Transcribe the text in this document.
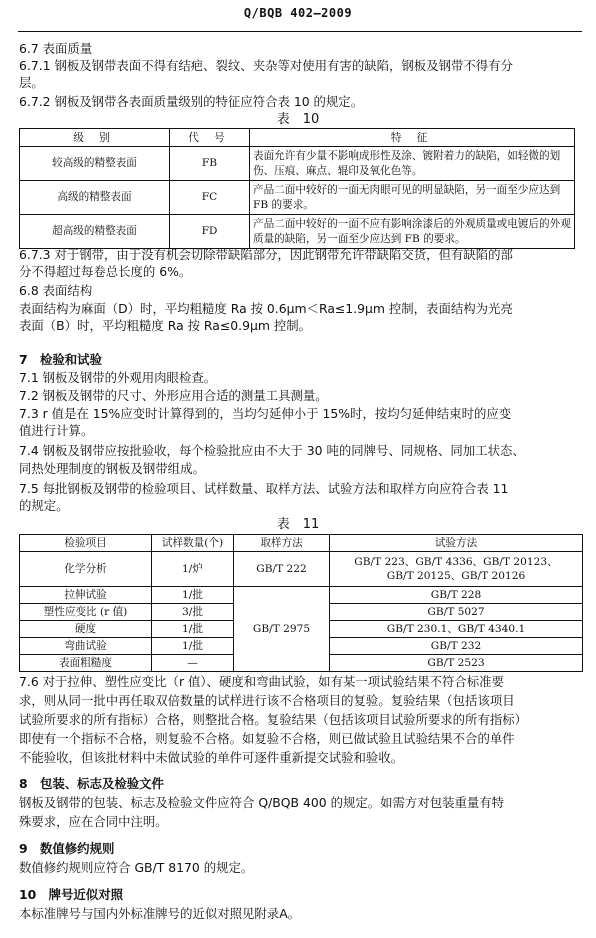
Q/BQB 402—2009
6.7 表面质量
6.7.1 钢板及钢带表面不得有结疤、裂纹、夹杂等对使用有害的缺陷，钢板及钢带不得有分
层。
6.7.2 钢板及钢带各表面质量级别的特征应符合表 10 的规定。
表　10
级 别	代 号	特 征
较高级的精整表面	FB	表面允许有少量不影响成形性及涂、镀附着力的缺陷，如轻微的划伤、压痕、麻点、辊印及氧化色等。
高级的精整表面	FC	产品二面中较好的一面无肉眼可见的明显缺陷，另一面至少应达到 FB 的要求。
超高级的精整表面	FD	产品二面中较好的一面不应有影响涂漆后的外观质量或电镀后的外观质量的缺陷，另一面至少应达到 FB 的要求。
6.7.3 对于钢带，由于没有机会切除带缺陷部分，因此钢带允许带缺陷交货，但有缺陷的部
分不得超过每卷总长度的 6%。
6.8 表面结构
表面结构为麻面（D）时，平均粗糙度 Ra 按 0.6μm＜Ra≤1.9μm 控制，表面结构为光亮
表面（B）时，平均粗糙度 Ra 按 Ra≤0.9μm 控制。
7　检验和试验
7.1 钢板及钢带的外观用肉眼检查。
7.2 钢板及钢带的尺寸、外形应用合适的测量工具测量。
7.3 r 值是在 15%应变时计算得到的，当均匀延伸小于 15%时，按均匀延伸结束时的应变
值进行计算。
7.4 钢板及钢带应按批验收，每个检验批应由不大于 30 吨的同牌号、同规格、同加工状态、
同热处理制度的钢板及钢带组成。
7.5 每批钢板及钢带的检验项目、试样数量、取样方法、试验方法和取样方向应符合表 11
的规定。
表　11
检验项目	试样数量(个)	取样方法	试验方法
化学分析	1/炉	GB/T 222	GB/T 223、GB/T 4336、GB/T 20123、
GB/T 20125、GB/T 20126

拉伸试验	1/批	GB/T 2975	GB/T 228
塑性应变比 (r 值)	3/批		GB/T 5027
硬度	1/批		GB/T 230.1、GB/T 4340.1
弯曲试验	1/批		GB/T 232
表面粗糙度	—		GB/T 2523
7.6 对于拉伸、塑性应变比（r 值）、硬度和弯曲试验，如有某一项试验结果不符合标准要
求，则从同一批中再任取双倍数量的试样进行该不合格项目的复验。复验结果（包括该项目
试验所要求的所有指标）合格，则整批合格。复验结果（包括该项目试验所要求的所有指标）
即使有一个指标不合格，则复验不合格。如复验不合格，则已做试验且试验结果不合的单件
不能验收，但该批材料中未做试验的单件可逐件重新提交试验和验收。
8　包装、标志及检验文件
钢板及钢带的包装、标志及检验文件应符合 Q/BQB 400 的规定。如需方对包装重量有特
殊要求，应在合同中注明。
9　数值修约规则
数值修约规则应符合 GB/T 8170 的规定。
10　牌号近似对照
本标准牌号与国内外标准牌号的近似对照见附录A。
